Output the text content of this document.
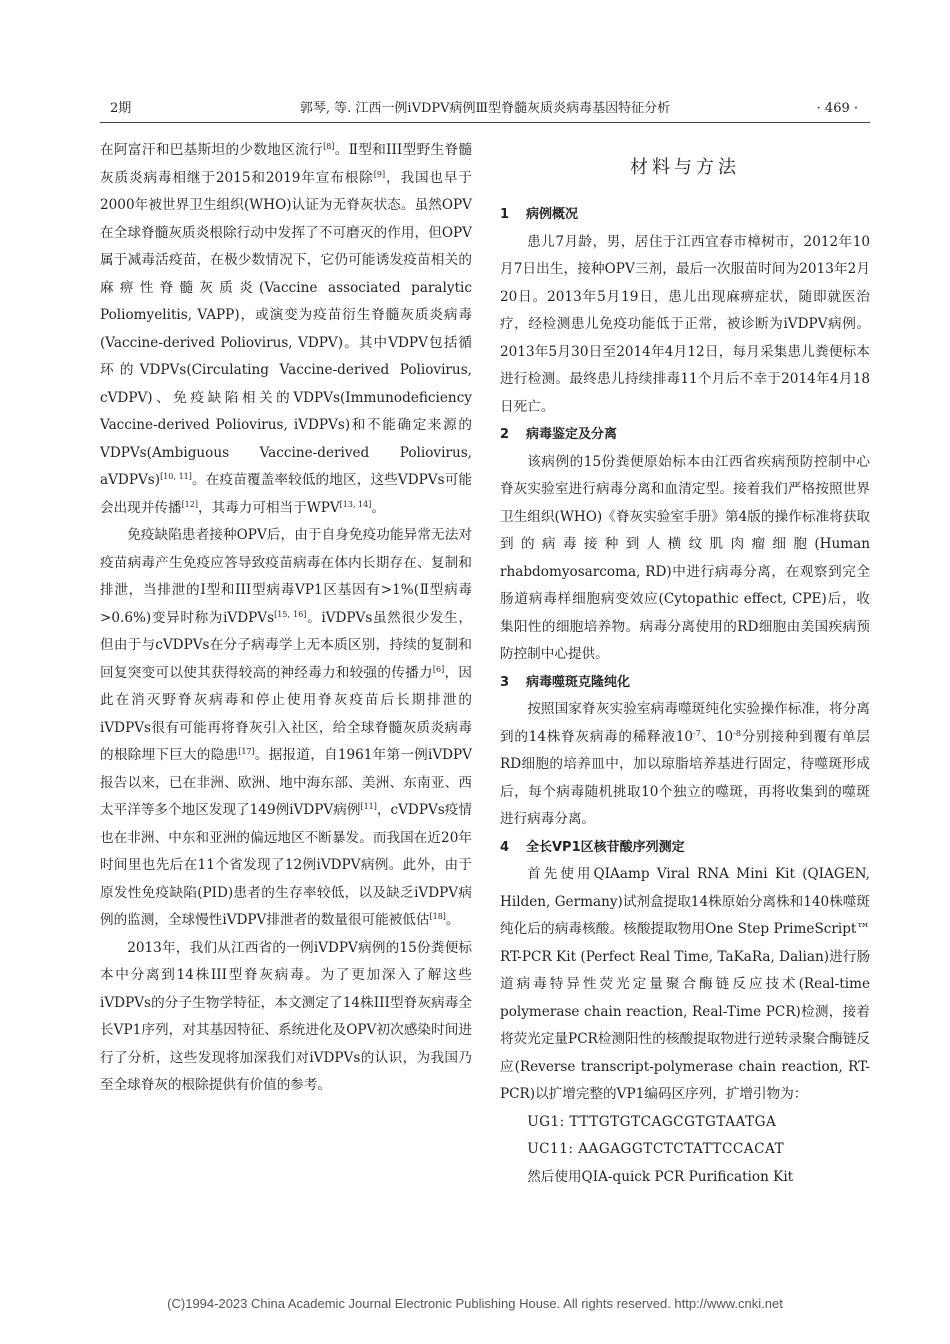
2期	郭琴, 等. 江西一例iVDPV病例Ⅲ型脊髓灰质炎病毒基因特征分析	· 469 ·

在阿富汗和巴基斯坦的少数地区流行[8]。Ⅱ型和III型野生脊髓灰质炎病毒相继于2015和2019年宣布根除[9]，我国也早于2000年被世界卫生组织(WHO)认证为无脊灰状态。虽然OPV在全球脊髓灰质炎根除行动中发挥了不可磨灭的作用，但OPV属于减毒活疫苗，在极少数情况下，它仍可能诱发疫苗相关的麻痹性脊髓灰质炎(Vaccine associated paralytic Poliomyelitis, VAPP)，或演变为疫苗衍生脊髓灰质炎病毒(Vaccine-derived Poliovirus, VDPV)。其中VDPV包括循环的VDPVs(Circulating Vaccine-derived Poliovirus, cVDPV)、免疫缺陷相关的VDPVs(Immunodeficiency Vaccine-derived Poliovirus, iVDPVs)和不能确定来源的VDPVs(Ambiguous Vaccine-derived Poliovirus, aVDPVs)[10, 11]。在疫苗覆盖率较低的地区，这些VDPVs可能会出现并传播[12]，其毒力可相当于WPV[13, 14]。

免疫缺陷患者接种OPV后，由于自身免疫功能异常无法对疫苗病毒产生免疫应答导致疫苗病毒在体内长期存在、复制和排泄，当排泄的Ⅰ型和III型病毒VP1区基因有>1%(Ⅱ型病毒>0.6%)变异时称为iVDPVs[15, 16]。iVDPVs虽然很少发生，但由于与cVDPVs在分子病毒学上无本质区别，持续的复制和回复突变可以使其获得较高的神经毒力和较强的传播力[6]，因此在消灭野脊灰病毒和停止使用脊灰疫苗后长期排泄的iVDPVs很有可能再将脊灰引入社区，给全球脊髓灰质炎病毒的根除埋下巨大的隐患[17]。据报道，自1961年第一例iVDPV报告以来，已在非洲、欧洲、地中海东部、美洲、东南亚、西太平洋等多个地区发现了149例iVDPV病例[11]，cVDPVs疫情也在非洲、中东和亚洲的偏远地区不断暴发。而我国在近20年时间里也先后在11个省发现了12例iVDPV病例。此外，由于原发性免疫缺陷(PID)患者的生存率较低，以及缺乏iVDPV病例的监测，全球慢性iVDPV排泄者的数量很可能被低估[18]。

2013年，我们从江西省的一例iVDPV病例的15份粪便标本中分离到14株III型脊灰病毒。为了更加深入了解这些iVDPVs的分子生物学特征，本文测定了14株III型脊灰病毒全长VP1序列，对其基因特征、系统进化及OPV初次感染时间进行了分析，这些发现将加深我们对iVDPVs的认识，为我国乃至全球脊灰的根除提供有价值的参考。

材料与方法

1 病例概况

患儿7月龄，男，居住于江西宜春市樟树市，2012年10月7日出生，接种OPV三剂，最后一次服苗时间为2013年2月20日。2013年5月19日，患儿出现麻痹症状，随即就医治疗，经检测患儿免疫功能低于正常，被诊断为iVDPV病例。2013年5月30日至2014年4月12日，每月采集患儿粪便标本进行检测。最终患儿持续排毒11个月后不幸于2014年4月18日死亡。

2 病毒鉴定及分离

该病例的15份粪便原始标本由江西省疾病预防控制中心脊灰实验室进行病毒分离和血清定型。接着我们严格按照世界卫生组织(WHO)《脊灰实验室手册》第4版的操作标准将获取到的病毒接种到人横纹肌肉瘤细胞(Human rhabdomyosarcoma, RD)中进行病毒分离，在观察到完全肠道病毒样细胞病变效应(Cytopathic effect, CPE)后，收集阳性的细胞培养物。病毒分离使用的RD细胞由美国疾病预防控制中心提供。

3 病毒噬斑克隆纯化

按照国家脊灰实验室病毒噬斑纯化实验操作标准，将分离到的14株脊灰病毒的稀释液$10^{-7}$、$10^{-8}$分别接种到覆有单层RD细胞的培养皿中，加以琼脂培养基进行固定，待噬斑形成后，每个病毒随机挑取10个独立的噬斑，再将收集到的噬斑进行病毒分离。

4 全长VP1区核苷酸序列测定

首先使用QIAamp Viral RNA Mini Kit (QIAGEN, Hilden, Germany)试剂盒提取14株原始分离株和140株噬斑纯化后的病毒核酸。核酸提取物用One Step PrimeScript™ RT-PCR Kit (Perfect Real Time, TaKaRa, Dalian)进行肠道病毒特异性荧光定量聚合酶链反应技术(Real-time polymerase chain reaction, Real-Time PCR)检测，接着将荧光定量PCR检测阳性的核酸提取物进行逆转录聚合酶链反应(Reverse transcript-polymerase chain reaction, RT-PCR)以扩增完整的VP1编码区序列，扩增引物为：

UG1: TTTGTGTCAGCGTGTAATGA

UC11: AAGAGGTCTCTATTCCACAT

然后使用QIA-quick PCR Purification Kit

(C)1994-2023 China Academic Journal Electronic Publishing House. All rights reserved. http://www.cnki.net
